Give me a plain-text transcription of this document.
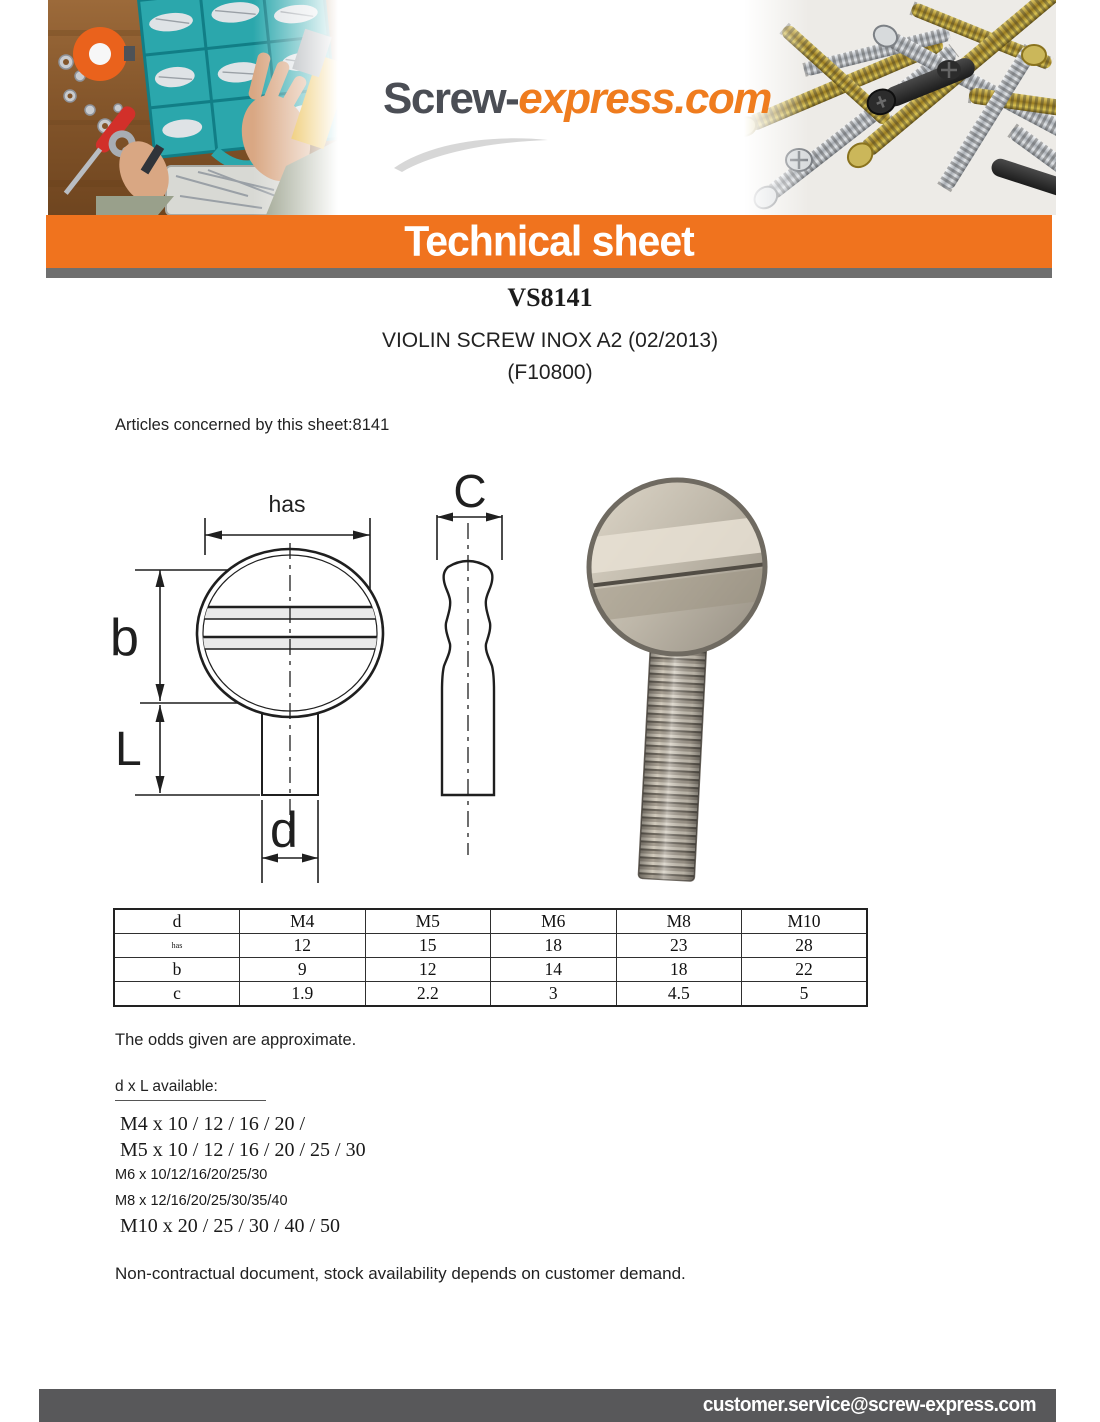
Screw-express.com
Technical sheet
VS8141
VIOLIN SCREW INOX A2 (02/2013)
(F10800)
Articles concerned by this sheet:8141
has
b
L
d
C
d	M4	M5	M6	M8	M10
has	12	15	18	23	28
b	9	12	14	18	22
c	1.9	2.2	3	4.5	5
The odds given are approximate.
d x L available:
M4 x 10 / 12 / 16 / 20 /
M5 x 10 / 12 / 16 / 20 / 25 / 30
M6 x 10/12/16/20/25/30
M8 x 12/16/20/25/30/35/40
M10 x 20 / 25 / 30 / 40 / 50
Non-contractual document, stock availability depends on customer demand.
customer.service@screw-express.com
